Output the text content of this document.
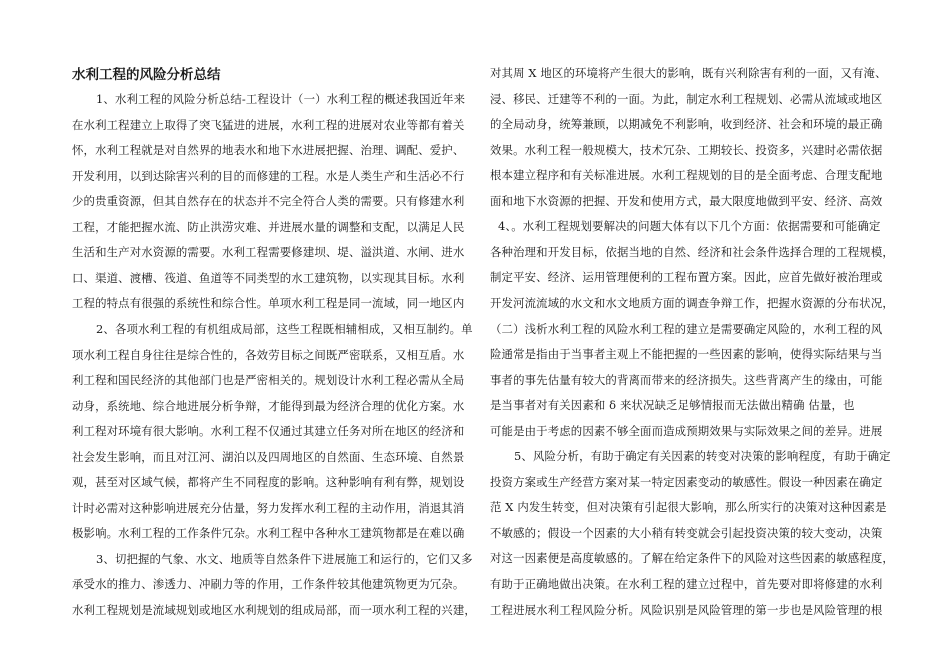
水利工程的风险分析总结
1、水利工程的风险分析总结-工程设计（一）水利工程的概述我国近年来
在水利工程建立上取得了突飞猛进的进展，水利工程的进展对农业等都有着关
怀，水利工程就是对自然界的地表水和地下水进展把握、治理、调配、爱护、
开发利用，以到达除害兴利的目的而修建的工程。水是人类生产和生活必不行
少的贵重资源，但其自然存在的状态并不完全符合人类的需要。只有修建水利
工程，才能把握水流、防止洪涝灾难、并进展水量的调整和支配，以满足人民
生活和生产对水资源的需要。水利工程需要修建坝、堤、溢洪道、水闸、进水
口、渠道、渡槽、筏道、鱼道等不同类型的水工建筑物，以实现其目标。水利
工程的特点有很强的系统性和综合性。单项水利工程是同一流域，同一地区内
2、各项水利工程的有机组成局部，这些工程既相辅相成，又相互制约。单
项水利工程自身往往是综合性的，各效劳目标之间既严密联系，又相互盾。水
利工程和国民经济的其他部门也是严密相关的。规划设计水利工程必需从全局
动身，系统地、综合地进展分析争辩，才能得到最为经济合理的优化方案。水
利工程对环境有很大影响。水利工程不仅通过其建立任务对所在地区的经济和
社会发生影响，而且对江河、湖泊以及四周地区的自然面、生态环境、自然景
观，甚至对区域气候，都将产生不同程度的影响。这种影响有利有弊，规划设
计时必需对这种影响进展充分估量，努力发挥水利工程的主动作用，消退其消
极影响。水利工程的工作条件冗杂。水利工程中各种水工建筑物都是在难以确
3、切把握的气象、水文、地质等自然条件下进展施工和运行的，它们又多
承受水的推力、渗透力、冲刷力等的作用，工作条件较其他建筑物更为冗杂。
水利工程规划是流域规划或地区水利规划的组成局部，而一项水利工程的兴建，
对其周 X 地区的环境将产生很大的影响，既有兴利除害有利的一面，又有淹、
浸、移民、迁建等不利的一面。为此，制定水利工程规划、必需从流域或地区
的全局动身，统筹兼顾，以期减免不利影响，收到经济、社会和环境的最正确
效果。水利工程一般规模大，技术冗杂、工期较长、投资多，兴建时必需依据
根本建立程序和有关标准进展。水利工程规划的目的是全面考虑、合理支配地
面和地下水资源的把握、开发和使用方式，最大限度地做到平安、经济、高效
4、。水利工程规划要解决的问题大体有以下几个方面：依据需要和可能确定
各种治理和开发目标，依据当地的自然、经济和社会条件选择合理的工程规模，
制定平安、经济、运用管理便利的工程布置方案。因此，应首先做好被治理或
开发河流流域的水文和水文地质方面的调查争辩工作，把握水资源的分布状况，
（二）浅析水利工程的风险水利工程的建立是需要确定风险的，水利工程的风
险通常是指由于当事者主观上不能把握的一些因素的影响，使得实际结果与当
事者的事先估量有较大的背离而带来的经济损失。这些背离产生的缘由，可能
是当事者对有关因素和 δ 来状况缺乏足够情报而无法做出精确 估量，也
可能是由于考虑的因素不够全面而造成预期效果与实际效果之间的差异。进展
5、风险分析，有助于确定有关因素的转变对决策的影响程度，有助于确定
投资方案或生产经营方案对某一特定因素变动的敏感性。假设一种因素在确定
范 X 内发生转变，但对决策有引起很大影响，那么所实行的决策对这种因素是
不敏感的；假设一个因素的大小稍有转变就会引起投资决策的较大变动，决策
对这一因素便是高度敏感的。了解在给定条件下的风险对这些因素的敏感程度，
有助于正确地做出决策。在水利工程的建立过程中，首先要对即将修建的水利
工程进展水利工程风险分析。风险识别是风险管理的第一步也是风险管理的根
